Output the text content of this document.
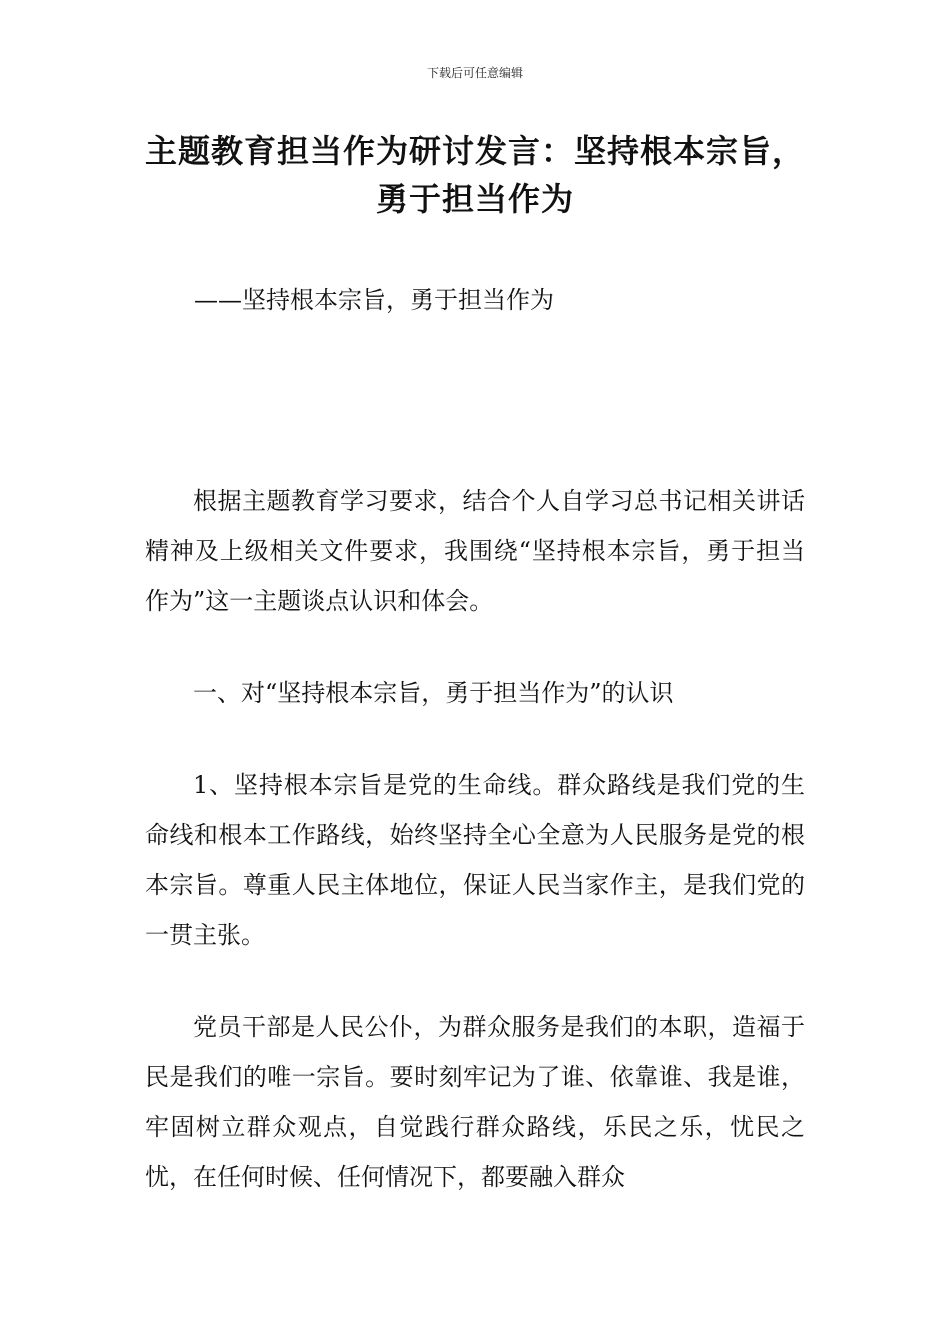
下载后可任意编辑
主题教育担当作为研讨发言：坚持根本宗旨，勇于担当作为
——坚持根本宗旨，勇于担当作为

根据主题教育学习要求，结合个人自学习总书记相关讲话精神及上级相关文件要求，我围绕“坚持根本宗旨，勇于担当作为”这一主题谈点认识和体会。

一、对“坚持根本宗旨，勇于担当作为”的认识

1、坚持根本宗旨是党的生命线。群众路线是我们党的生命线和根本工作路线，始终坚持全心全意为人民服务是党的根本宗旨。尊重人民主体地位，保证人民当家作主，是我们党的一贯主张。

党员干部是人民公仆，为群众服务是我们的本职，造福于民是我们的唯一宗旨。要时刻牢记为了谁、依靠谁、我是谁，牢固树立群众观点，自觉践行群众路线，乐民之乐，忧民之忧，在任何时候、任何情况下，都要融入群众
